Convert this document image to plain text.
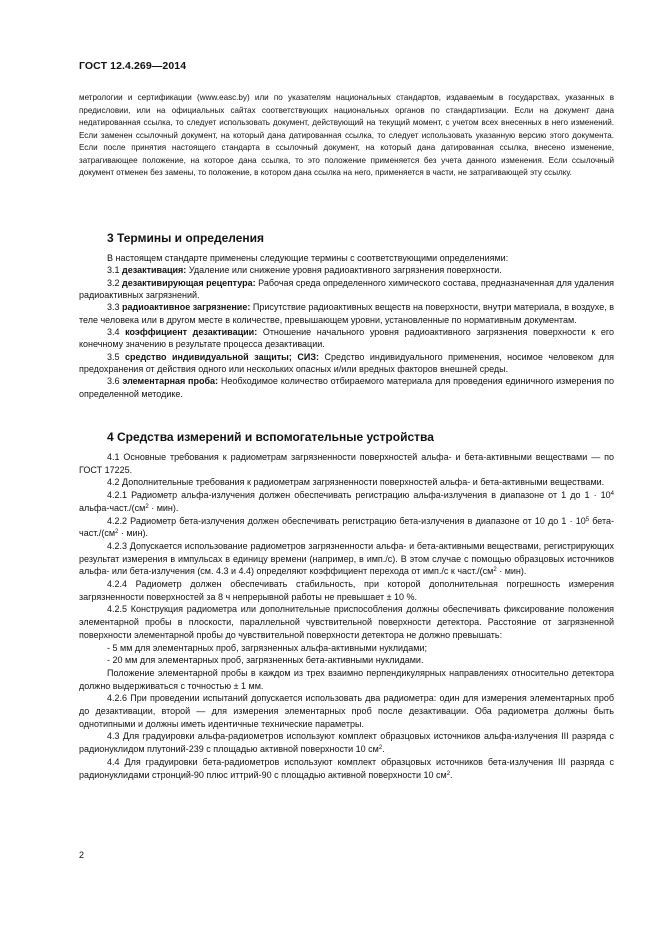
ГОСТ 12.4.269—2014

метрологии и сертификации (www.easc.by) или по указателям национальных стандартов, издаваемым в государствах, указанных в предисловии, или на официальных сайтах соответствующих национальных органов по стандартизации. Если на документ дана недатированная ссылка, то следует использовать документ, действующий на текущий момент, с учетом всех внесенных в него изменений. Если заменен ссылочный документ, на который дана датированная ссылка, то следует использовать указанную версию этого документа. Если после принятия настоящего стандарта в ссылочный документ, на который дана датированная ссылка, внесено изменение, затрагивающее положение, на которое дана ссылка, то это положение применяется без учета данного изменения. Если ссылочный документ отменен без замены, то положение, в котором дана ссылка на него, применяется в части, не затрагивающей эту ссылку.

3 Термины и определения

В настоящем стандарте применены следующие термины с соответствующими определениями:

3.1 дезактивация: Удаление или снижение уровня радиоактивного загрязнения поверхности.

3.2 дезактивирующая рецептура: Рабочая среда определенного химического состава, предназначенная для удаления радиоактивных загрязнений.

3.3 радиоактивное загрязнение: Присутствие радиоактивных веществ на поверхности, внутри материала, в воздухе, в теле человека или в другом месте в количестве, превышающем уровни, установленные по нормативным документам.

3.4 коэффициент дезактивации: Отношение начального уровня радиоактивного загрязнения поверхности к его конечному значению в результате процесса дезактивации.

3.5 средство индивидуальной защиты; СИЗ: Средство индивидуального применения, носимое человеком для предохранения от действия одного или нескольких опасных и/или вредных факторов внешней среды.

3.6 элементарная проба: Необходимое количество отбираемого материала для проведения единичного измерения по определенной методике.

4 Средства измерений и вспомогательные устройства

4.1 Основные требования к радиометрам загрязненности поверхностей альфа- и бета-активными веществами — по ГОСТ 17225.

4.2 Дополнительные требования к радиометрам загрязненности поверхностей альфа- и бета-активными веществами.

4.2.1 Радиометр альфа-излучения должен обеспечивать регистрацию альфа-излучения в диапазоне от 1 до $1 \cdot 10^4$ альфа-$част./(см^2 \cdot мин)$.

4.2.2 Радиометр бета-излучения должен обеспечивать регистрацию бета-излучения в диапазоне от 10 до $1 \cdot 10^5$ бета-$част./(см^2 \cdot мин)$.

4.2.3 Допускается использование радиометров загрязненности альфа- и бета-активными веществами, регистрирующих результат измерения в импульсах в единицу времени (например, в имп./с). В этом случае с помощью образцовых источников альфа- или бета-излучения (см. 4.3 и 4.4) определяют коэффициент перехода от имп./с к $част./(см^2 \cdot мин)$.

4.2.4 Радиометр должен обеспечивать стабильность, при которой дополнительная погрешность измерения загрязненности поверхностей за 8 ч непрерывной работы не превышает ± 10 %.

4.2.5 Конструкция радиометра или дополнительные приспособления должны обеспечивать фиксирование положения элементарной пробы в плоскости, параллельной чувствительной поверхности детектора. Расстояние от загрязненной поверхности элементарной пробы до чувствительной поверхности детектора не должно превышать:

- 5 мм для элементарных проб, загрязненных альфа-активными нуклидами;

- 20 мм для элементарных проб, загрязненных бета-активными нуклидами.

Положение элементарной пробы в каждом из трех взаимно перпендикулярных направлениях относительно детектора должно выдерживаться с точностью ± 1 мм.

4.2.6 При проведении испытаний допускается использовать два радиометра: один для измерения элементарных проб до дезактивации, второй — для измерения элементарных проб после дезактивации. Оба радиометра должны быть однотипными и должны иметь идентичные технические параметры.

4.3 Для градуировки альфа-радиометров используют комплект образцовых источников альфа-излучения III разряда с радионуклидом плутоний-239 с площадью активной поверхности 10 $см^2$.

4.4 Для градуировки бета-радиометров используют комплект образцовых источников бета-излучения III разряда с радионуклидами стронций-90 плюс иттрий-90 с площадью активной поверхности 10 $см^2$.

2
